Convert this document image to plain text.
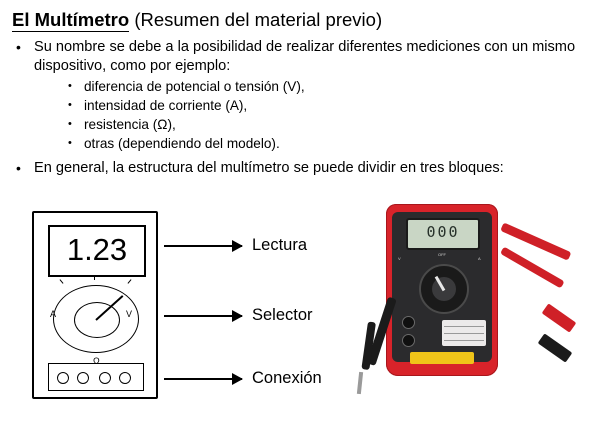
El Multímetro (Resumen del material previo)
• Su nombre se debe a la posibilidad de realizar diferentes mediciones con un mismo dispositivo, como por ejemplo:
• diferencia de potencial o tensión (V),
• intensidad de corriente (A),
• resistencia (Ω),
• otras (dependiendo del modelo).
• En general, la estructura del multímetro se puede dividir en tres bloques:
1.23
A	V
Ω
Lectura
Selector
Conexión
000
V
OFF
A
